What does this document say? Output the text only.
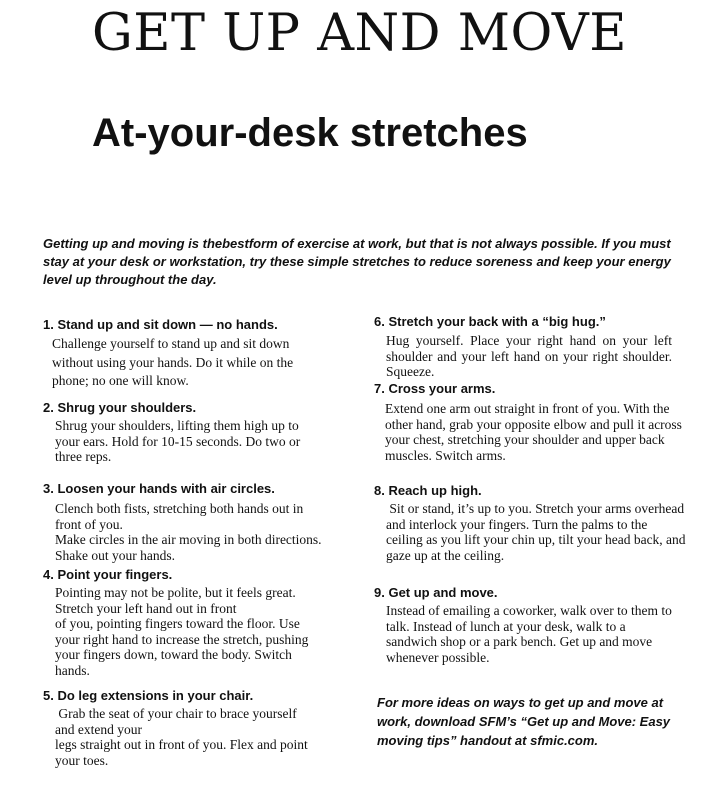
GET UP AND MOVE
At-your-desk stretches
Getting up and moving is thebestform of exercise at work, but that is not always possible. If you must stay at your desk or workstation, try these simple stretches to reduce soreness and keep your energy level up throughout the day.
1. Stand up and sit down — no hands.
Challenge yourself to stand up and sit down
without using your hands. Do it while on the
phone; no one will know.
2. Shrug your shoulders.
Shrug your shoulders, lifting them high up to
your ears. Hold for 10-15 seconds. Do two or
three reps.
3. Loosen your hands with air circles.
Clench both fists, stretching both hands out in
front of you.
Make circles in the air moving in both directions.
Shake out your hands.
4. Point your fingers.
Pointing may not be polite, but it feels great.
Stretch your left hand out in front
of you, pointing fingers toward the floor. Use
your right hand to increase the stretch, pushing
your fingers down, toward the body. Switch
hands.
5. Do leg extensions in your chair.
Grab the seat of your chair to brace yourself
and extend your
legs straight out in front of you. Flex and point
your toes.
6. Stretch your back with a “big hug.”
Hug yourself. Place your right hand on your left shoulder and your left hand on your right shoulder. Squeeze.
7. Cross your arms.
Extend one arm out straight in front of you. With the other hand, grab your opposite elbow and pull it across your chest, stretching your shoulder and upper back muscles. Switch arms.
8. Reach up high.
Sit or stand, it’s up to you. Stretch your arms overhead and interlock your fingers. Turn the palms to the ceiling as you lift your chin up, tilt your head back, and gaze up at the ceiling.
9. Get up and move.
Instead of emailing a coworker, walk over to them to talk. Instead of lunch at your desk, walk to a sandwich shop or a park bench. Get up and move whenever possible.
For more ideas on ways to get up and move at work, download SFM’s “Get up and Move: Easy moving tips” handout at sfmic.com.
